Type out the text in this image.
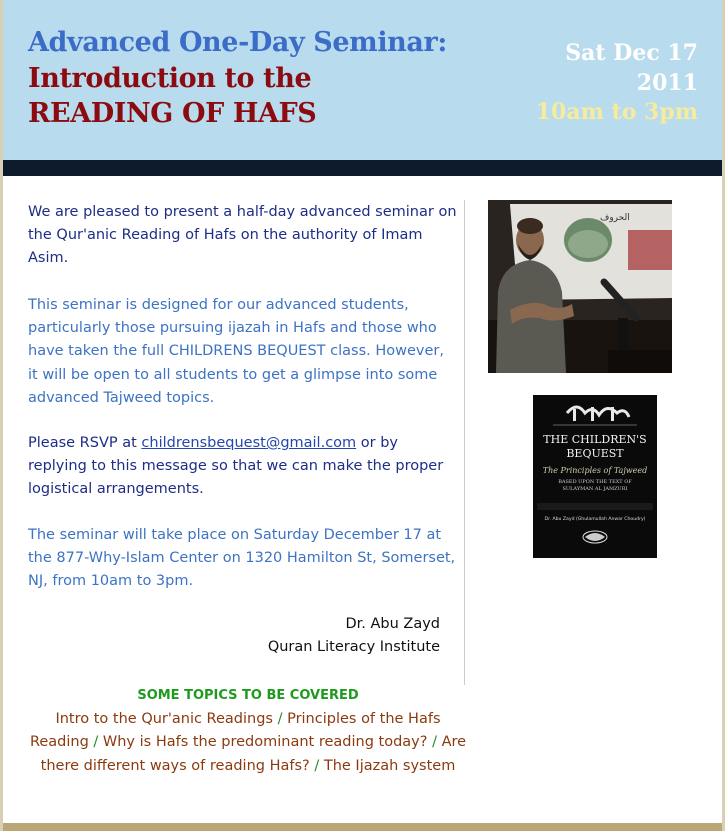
Advanced One-Day Seminar:
Introduction to the
READING OF HAFS
Sat Dec 17
2011
10am to 3pm
We are pleased to present a half-day advanced seminar on the Qur'anic Reading of Hafs on the authority of Imam Asim.
This seminar is designed for our advanced students, particularly those pursuing ijazah in Hafs and those who have taken the full CHILDRENS BEQUEST class. However, it will be open to all students to get a glimpse into some advanced Tajweed topics.
Please RSVP at childrensbequest@gmail.com or by replying to this message so that we can make the proper logistical arrangements.
The seminar will take place on Saturday December 17 at the 877-Why-Islam Center on 1320 Hamilton St, Somerset, NJ, from 10am to 3pm.
Dr. Abu Zayd
Quran Literacy Institute
ﺍﻟﺤﺮﻭﻑ
THE CHILDREN'S
BEQUEST
The Principles of Tajweed
BASED UPON THE TEXT OF
SULAYMAN AL JAMZURI
Dr. Abu Zayd (Ghulamullah Anwar Choudry)
SOME TOPICS TO BE COVERED
Intro to the Qur'anic Readings / Principles of the Hafs Reading / Why is Hafs the predominant reading today? / Are there different ways of reading Hafs? / The Ijazah system
